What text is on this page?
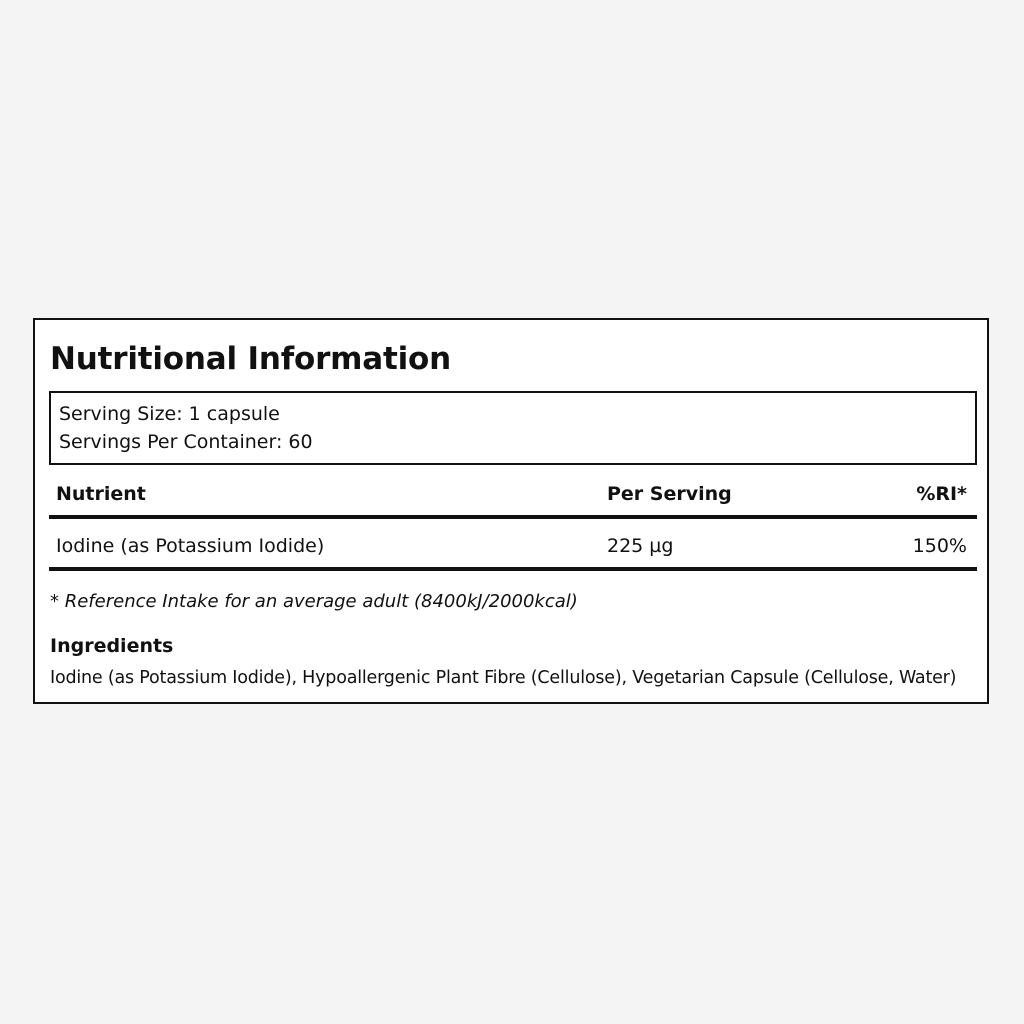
Nutritional Information
Serving Size: 1 capsule
Servings Per Container: 60
Nutrient	Per Serving	%RI*
Iodine (as Potassium Iodide)	225 µg	150%
* Reference Intake for an average adult (8400kJ/2000kcal)
Ingredients
Iodine (as Potassium Iodide), Hypoallergenic Plant Fibre (Cellulose), Vegetarian Capsule (Cellulose, Water)
